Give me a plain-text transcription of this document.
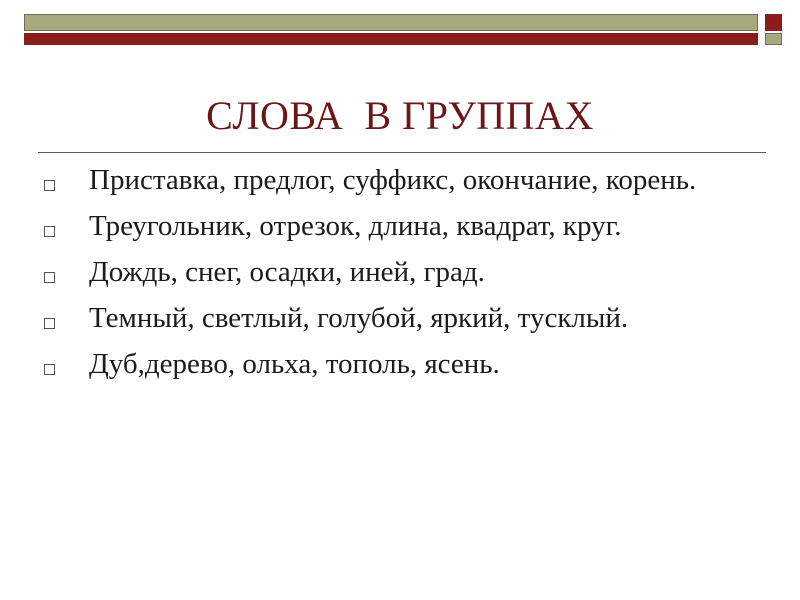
СЛОВА  В ГРУППАХ
Приставка, предлог, суффикс, окончание, корень.
Треугольник, отрезок, длина, квадрат, круг.
Дождь, снег, осадки, иней, град.
Темный, светлый, голубой, яркий, тусклый.
Дуб,дерево, ольха, тополь, ясень.
